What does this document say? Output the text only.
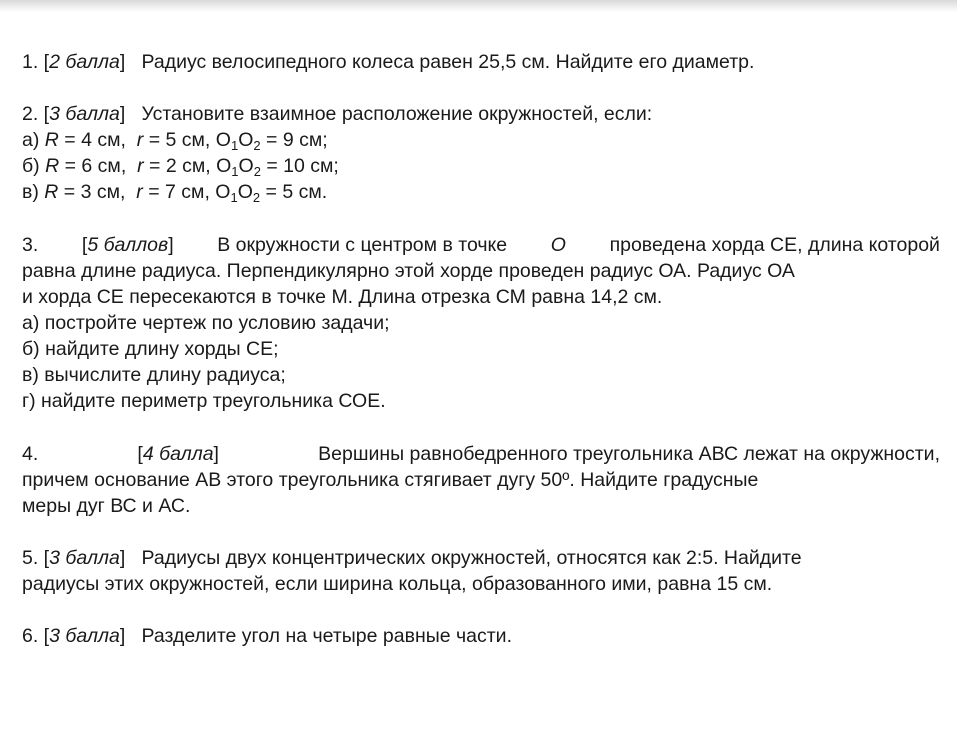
1. [2 балла]   Радиус велосипедного колеса равен 25,5 см. Найдите его диаметр.
2. [3 балла]   Установите взаимное расположение окружностей, если:
а) R = 4 см, r = 5 см, $O_1O_2 = 9$ см;
б) R = 6 см, r = 2 см, $O_1O_2 = 10$ см;
в) R = 3 см, r = 7 см, $O_1O_2 = 5$ см.
3. [5 баллов] В окружности с центром в точке O проведена хорда СЕ, длина которой
равна длине радиуса. Перпендикулярно этой хорде проведен радиус ОА. Радиус ОА
и хорда СЕ пересекаются в точке М. Длина отрезка СМ равна 14,2 см.
а) постройте чертеж по условию задачи;
б) найдите длину хорды СЕ;
в) вычислите длину радиуса;
г) найдите периметр треугольника СОЕ.
4.	[4 балла]	Вершины равнобедренного треугольника АВС лежат на окружности,
причем основание АВ этого треугольника стягивает дугу 50º. Найдите градусные
меры дуг ВС и АС.
5. [3 балла]   Радиусы двух концентрических окружностей, относятся как 2:5. Найдите
радиусы этих окружностей, если ширина кольца, образованного ими, равна 15 см.
6. [3 балла]   Разделите угол на четыре равные части.
